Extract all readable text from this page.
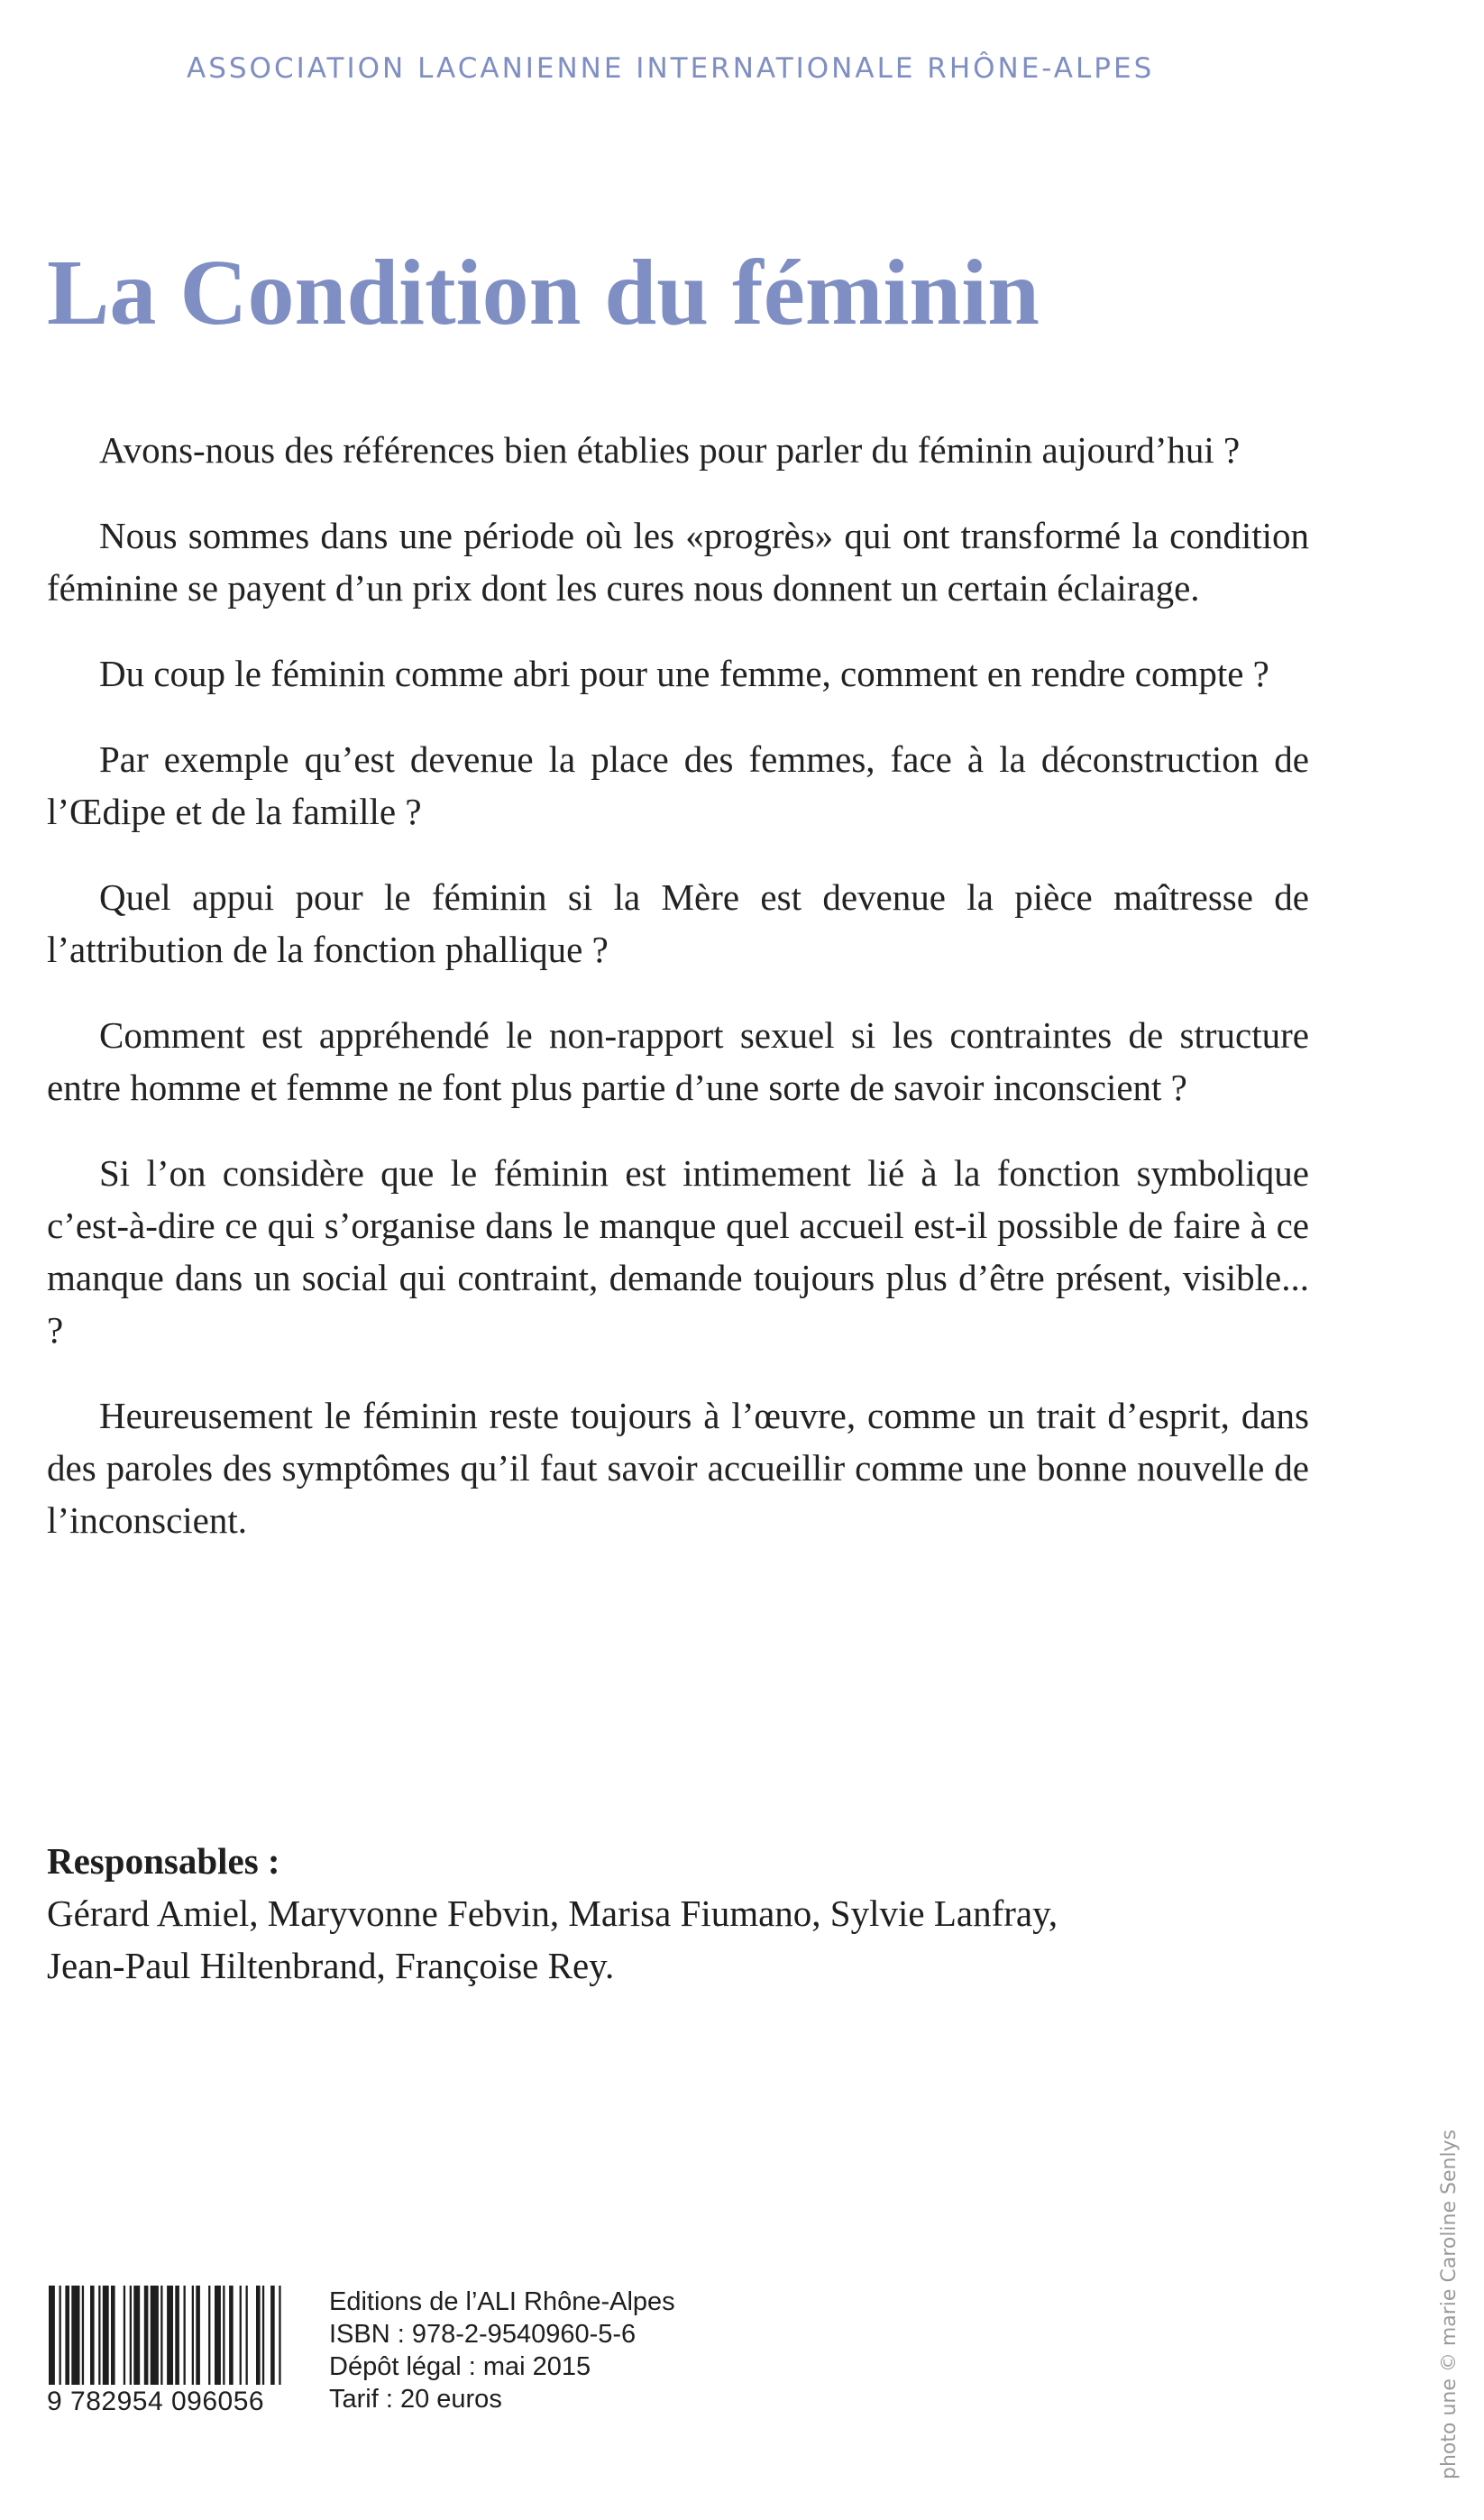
ASSOCIATION LACANIENNE INTERNATIONALE RHÔNE-ALPES
La Condition du féminin

Avons-nous des références bien établies pour parler du féminin aujourd’hui ?

Nous sommes dans une période où les «progrès» qui ont transformé la condition féminine se payent d’un prix dont les cures nous donnent un certain éclairage.

Du coup le féminin comme abri pour une femme, comment en rendre compte ?

Par exemple qu’est devenue la place des femmes, face à la déconstruction de l’Œdipe et de la famille ?

Quel appui pour le féminin si la Mère est devenue la pièce maîtresse de l’attribution de la fonction phallique ?

Comment est appréhendé le non-rapport sexuel si les contraintes de structure entre homme et femme ne font plus partie d’une sorte de savoir inconscient ?

Si l’on considère que le féminin est intimement lié à la fonction symbolique c’est-à-dire ce qui s’organise dans le manque quel accueil est-il possible de faire à ce manque dans un social qui contraint, demande toujours plus d’être présent, visible... ?

Heureusement le féminin reste toujours à l’œuvre, comme un trait d’esprit, dans des paroles des symptômes qu’il faut savoir accueillir comme une bonne nouvelle de l’inconscient.

Responsables :
Gérard Amiel, Maryvonne Febvin, Marisa Fiumano, Sylvie Lanfray,
Jean-Paul Hiltenbrand, Françoise Rey.
9 782954 096056
Editions de l’ALI Rhône-Alpes
ISBN : 978-2-9540960-5-6
Dépôt légal : mai 2015
Tarif : 20 euros	photo une © marie Caroline Senlys
